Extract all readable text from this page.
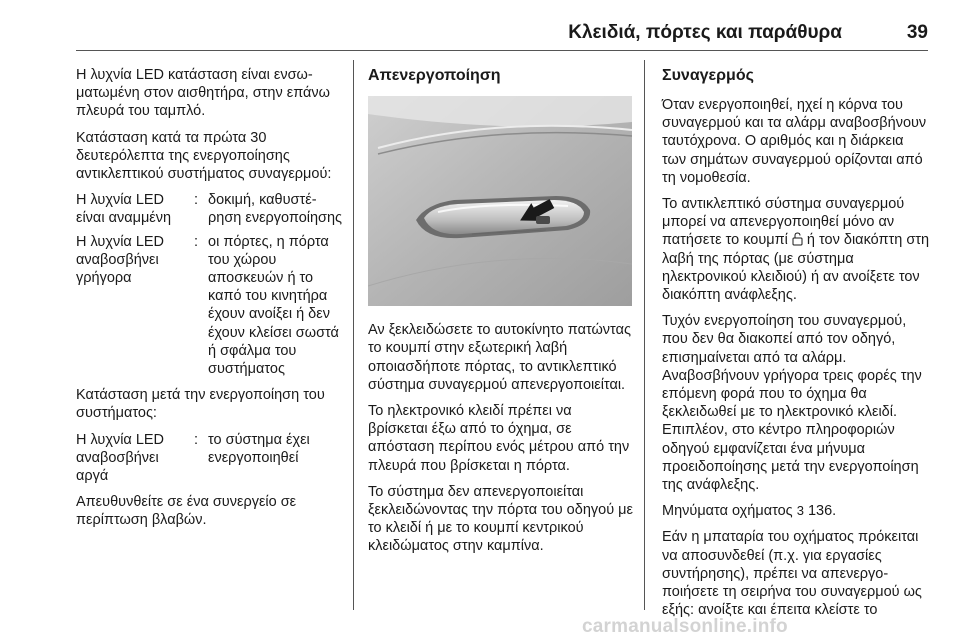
Κλειδιά, πόρτες και παράθυρα	39

Η λυχνία LED κατάσταση είναι ενσωματωμένη στον αισθητήρα, στην επάνω πλευρά του ταμπλό.

Κατάσταση κατά τα πρώτα 30 δευτερόλεπτα της ενεργοποίησης αντικλεπτικού συστήματος συναγερμού:

Η λυχνία LED είναι αναμμένη
: δοκιμή, καθυστέρηση ενεργοποίησης
Η λυχνία LED αναβοσβήνει γρήγορα
: οι πόρτες, η πόρτα του χώρου αποσκευών ή το καπό του κινητήρα έχουν ανοίξει ή δεν έχουν κλείσει σωστά ή σφάλμα του συστήματος

Κατάσταση μετά την ενεργοποίηση του συστήματος:

Η λυχνία LED αναβοσβήνει αργά
: το σύστημα έχει ενεργοποιηθεί

Απευθυνθείτε σε ένα συνεργείο σε περίπτωση βλαβών.

Απενεργοποίηση

Αν ξεκλειδώσετε το αυτοκίνητο πατώντας το κουμπί στην εξωτερική λαβή οποιασδήποτε πόρτας, το αντικλεπτικό σύστημα συναγερμού απενεργοποιείται.

Το ηλεκτρονικό κλειδί πρέπει να βρίσκεται έξω από το όχημα, σε απόσταση περίπου ενός μέτρου από την πλευρά που βρίσκεται η πόρτα.

Το σύστημα δεν απενεργοποιείται ξεκλειδώνοντας την πόρτα του οδηγού με το κλειδί ή με το κουμπί κεντρικού κλειδώματος στην καμπίνα.

Συναγερμός

Όταν ενεργοποιηθεί, ηχεί η κόρνα του συναγερμού και τα αλάρμ αναβοσβήνουν ταυτόχρονα. Ο αριθμός και η διάρκεια των σημάτων συναγερμού ορίζονται από τη νομοθεσία.

Το αντικλεπτικό σύστημα συναγερμού μπορεί να απενεργοποιηθεί μόνο αν πατήσετε το κουμπί  ή τον διακόπτη στη λαβή της πόρτας (με σύστημα ηλεκτρονικού κλειδιού) ή αν ανοίξετε τον διακόπτη ανάφλεξης.

Τυχόν ενεργοποίηση του συναγερμού, που δεν θα διακοπεί από τον οδηγό, επισημαίνεται από τα αλάρμ. Αναβοσβήνουν γρήγορα τρεις φορές την επόμενη φορά που το όχημα θα ξεκλειδωθεί με το ηλεκτρονικό κλειδί. Επιπλέον, στο κέντρο πληροφοριών οδηγού εμφανίζεται ένα μήνυμα προειδοποίησης μετά την ενεργοποίηση της ανάφλεξης.

Μηνύματα οχήματος 3 136.

Εάν η μπαταρία του οχήματος πρόκειται να αποσυνδεθεί (π.χ. για εργασίες συντήρησης), πρέπει να απενεργοποιήσετε τη σειρήνα του συναγερμού ως εξής: ανοίξτε και έπειτα κλείστε το

carmanualsonline.info
